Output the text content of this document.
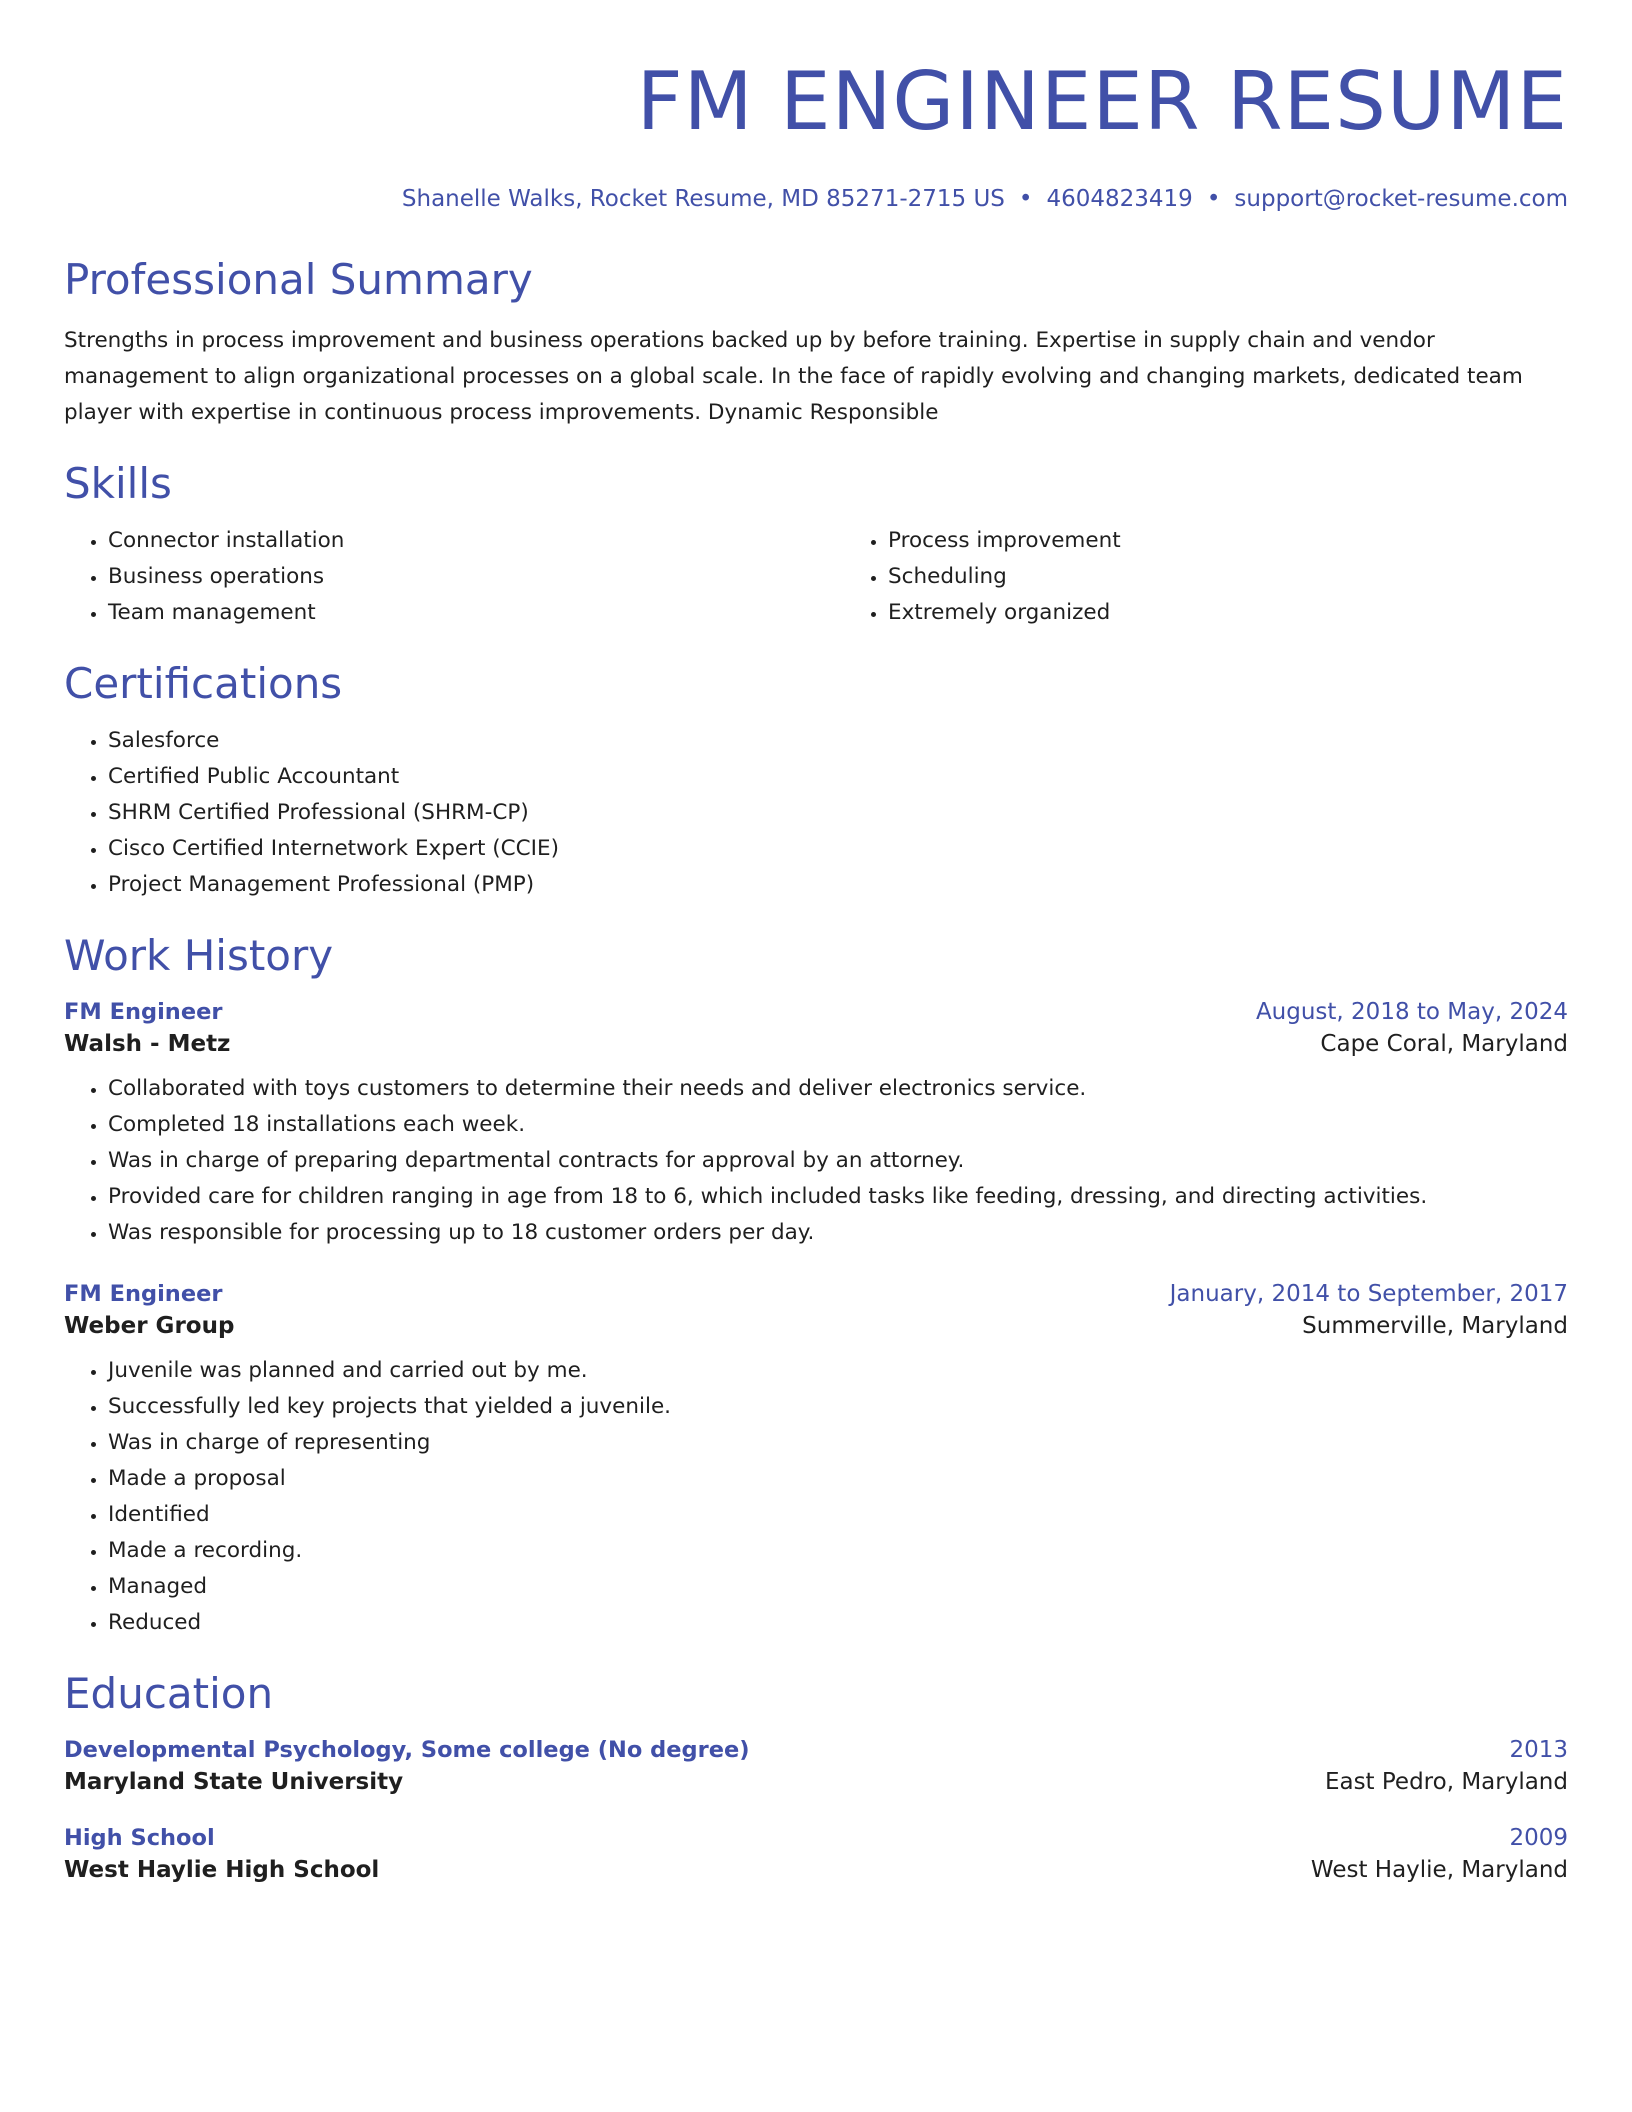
FM ENGINEER RESUME
Shanelle Walks, Rocket Resume, MD 85271-2715 US • 4604823419 • support@rocket-resume.com
Professional Summary

Strengths in process improvement and business operations backed up by before training. Expertise in supply chain and vendor management to align organizational processes on a global scale. In the face of rapidly evolving and changing markets, dedicated team player with expertise in continuous process improvements. Dynamic Responsible

Skills
• Connector installation
• Business operations
• Team management
• Process improvement
• Scheduling
• Extremely organized
Certifications
• Salesforce
• Certified Public Accountant
• SHRM Certified Professional (SHRM-CP)
• Cisco Certified Internetwork Expert (CCIE)
• Project Management Professional (PMP)
Work History
FM Engineer	August, 2018 to May, 2024
Walsh - Metz	Cape Coral, Maryland
• Collaborated with toys customers to determine their needs and deliver electronics service.
• Completed 18 installations each week.
• Was in charge of preparing departmental contracts for approval by an attorney.
• Provided care for children ranging in age from 18 to 6, which included tasks like feeding, dressing, and directing activities.
• Was responsible for processing up to 18 customer orders per day.
FM Engineer	January, 2014 to September, 2017
Weber Group	Summerville, Maryland
• Juvenile was planned and carried out by me.
• Successfully led key projects that yielded a juvenile.
• Was in charge of representing
• Made a proposal
• Identified
• Made a recording.
• Managed
• Reduced
Education
Developmental Psychology, Some college (No degree)	2013
Maryland State University	East Pedro, Maryland
High School	2009
West Haylie High School	West Haylie, Maryland
